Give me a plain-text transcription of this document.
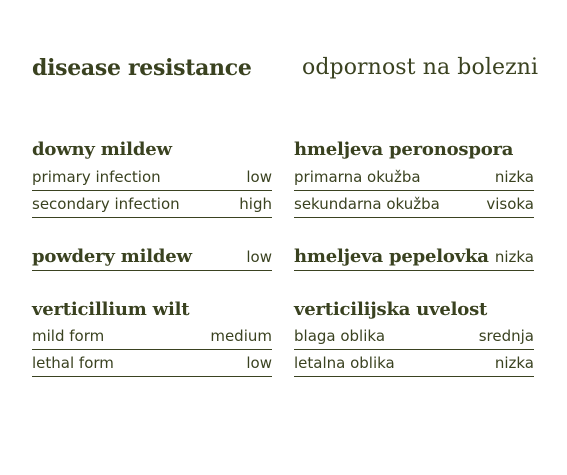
disease resistance
downy mildew
primary infection	low
secondary infection	high
powdery mildew	low
verticillium wilt
mild form	medium
lethal form	low
odpornost na bolezni
hmeljeva peronospora
primarna okužba	nizka
sekundarna okužba	visoka
hmeljeva pepelovka nizka
verticilijska uvelost
blaga oblika	srednja
letalna oblika	nizka
